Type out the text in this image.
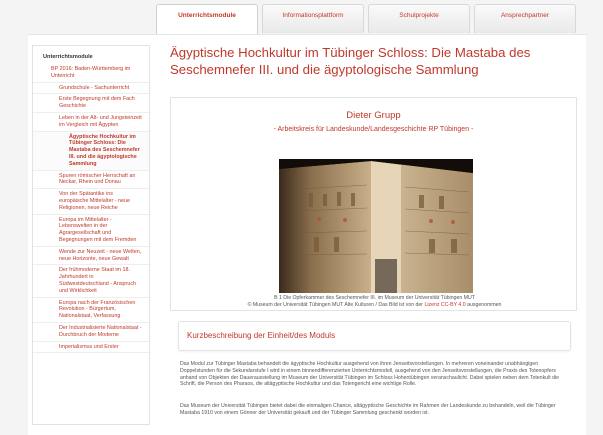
Unterrichtsmodule	Informationsplattform	Schulprojekte	Ansprechpartner
Unterrichtsmodule
BP 2016: Baden-Württemberg im Unterricht
Grundschule - Sachunterricht
Erste Begegnung mit dem Fach Geschichte
Leben in der Alt- und Jungsteinzeit im Vergleich mit Ägypten
Ägyptische Hochkultur im Tübinger Schloss: Die Mastaba des Seschemnefer III. und die ägyptologische Sammlung
Spuren römischer Herrschaft an Neckar, Rhein und Donau
Von der Spätantike ins europäische Mittelalter - neue Religionen, neue Reiche
Europa im Mittelalter - Lebenswelten in der Agrargesellschaft und Begegnungen mit dem Fremden
Wende zur Neuzeit - neue Welten, neue Horizonte, neue Gewalt
Der frühmoderne Staat im 18. Jahrhundert in Südwestdeutschland - Anspruch und Wirklichkeit
Europa nach der Französischen Revolution - Bürgertum, Nationalstaat, Verfassung
Der Industrialisierte Nationalstaat - Durchbruch der Moderne
Imperialismus und Erster
Ägyptische Hochkultur im Tübinger Schloss: Die Mastaba des Seschemnefer III. und die ägyptologische Sammlung
Dieter Grupp
- Arbeitskreis für Landeskunde/Landesgeschichte RP Tübingen -
B 1 Die Opferkammer des Seschemnefer III. im Museum der Universität Tübingen MUT
© Museum der Universität Tübingen MUT Alte Kulturen / Das Bild ist von der Lizenz CC-BY 4.0 ausgenommen
Kurzbeschreibung der Einheit/des Moduls
Das Modul zur Tübinger Mastaba behandelt die ägyptische Hochkultur ausgehend von ihren Jenseitsvorstellungen. In mehreren voneinander unabhängigen Doppelstunden für die Sekundarstufe I wird in einem binnendifferenzierten Unterrichtsmodell, ausgehend von den Jenseitsvorstellungen, die Praxis des Totenopfers anhand von Objekten der Dauerausstellung im Museum der Universität Tübingen im Schloss Hohentübingen veranschaulicht. Dabei spielen neben dem Totenkult die Schrift, die Person des Pharaos, die altägyptische Hochkultur und das Totengericht eine wichtige Rolle.
Das Museum der Universität Tübingen bietet dabei die einmaligen Chance, altägyptische Geschichte im Rahmen der Landeskunde zu behandeln, weil die Tübinger Mastaba 1910 von einem Gönner der Universität gekauft und der Tübinger Sammlung geschenkt worden ist.
